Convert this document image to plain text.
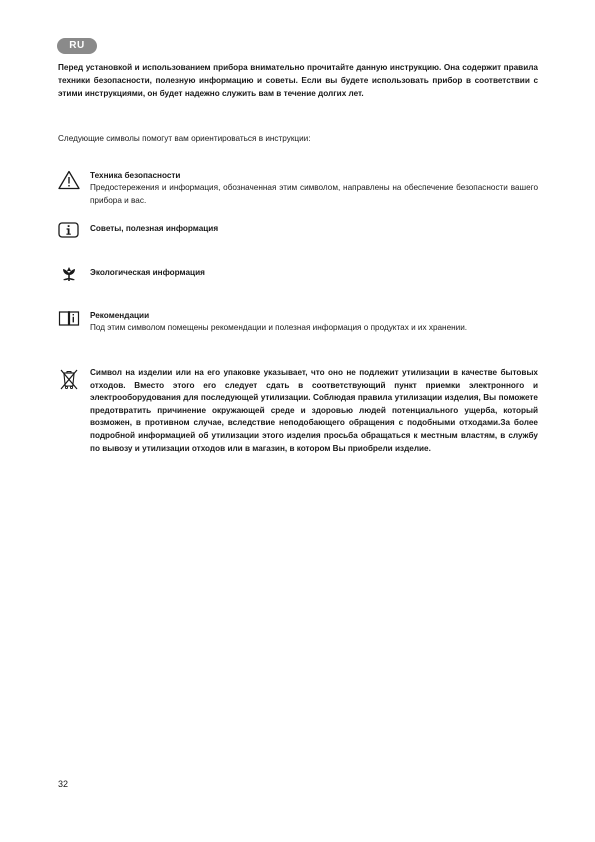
RU

Перед установкой и использованием прибора внимательно прочитайте данную инструкцию. Она содержит правила техники безопасности, полезную информацию и советы. Если вы будете использовать прибор в соответствии с этими инструкциями, он будет надежно служить вам в течение долгих лет.

Следующие символы помогут вам ориентироваться в инструкции:

Техника безопасности
Предостережения и информация, обозначенная этим символом, направлены на обеспечение безопасности вашего прибора и вас.
Советы, полезная информация
Экологическая информация
Рекомендации
Под этим символом помещены рекомендации и полезная информация о продуктах и их хранении.
Символ на изделии или на его упаковке указывает, что оно не подлежит утилизации в качестве бытовых отходов. Вместо этого его следует сдать в соответствующий пункт приемки электронного и электрооборудования для последующей утилизации. Соблюдая правила утилизации изделия, Вы поможете предотвратить причинение окружающей среде и здоровью людей потенциального ущерба, который возможен, в противном случае, вследствие неподобающего обращения с подобными отходами.За более подробной информацией об утилизации этого изделия просьба обращаться к местным властям, в службу по вывозу и утилизации отходов или в магазин, в котором Вы приобрели изделие.
32
